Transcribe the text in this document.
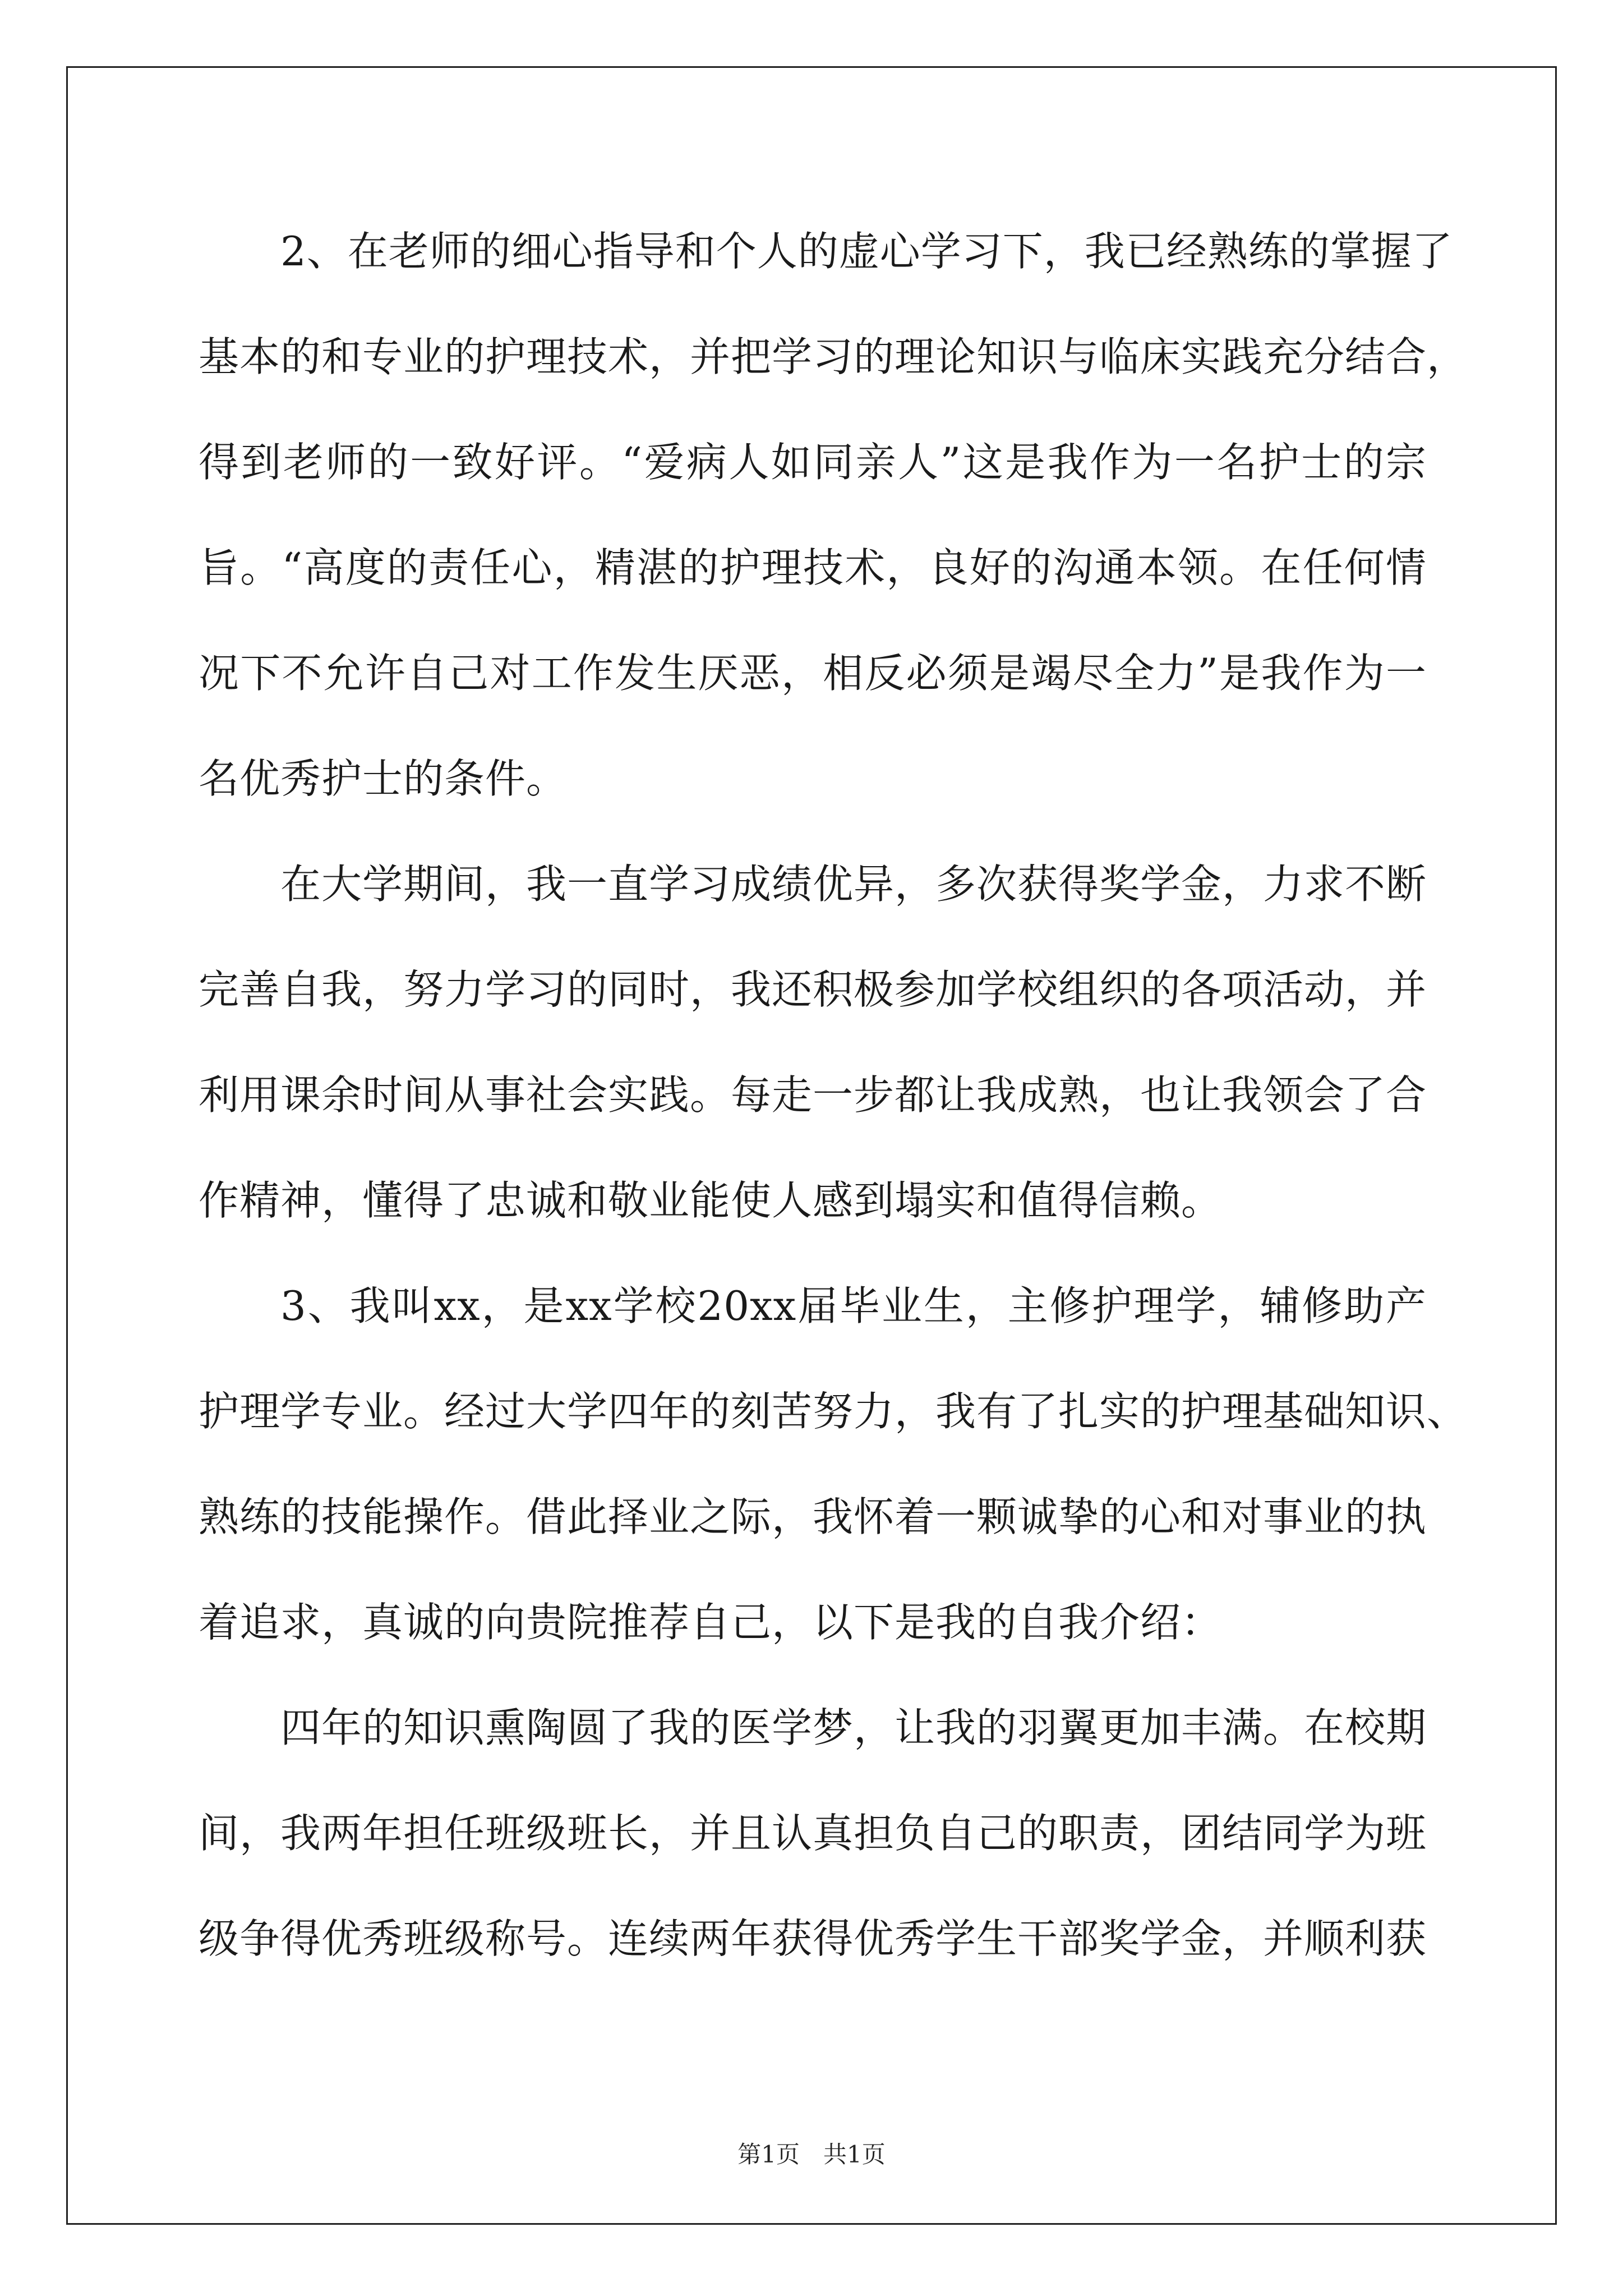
2、在老师的细心指导和个人的虚心学习下，我已经熟练的掌握了
基本的和专业的护理技术，并把学习的理论知识与临床实践充分结合，
得到老师的一致好评。“爱病人如同亲人”这是我作为一名护士的宗
旨。“高度的责任心，精湛的护理技术，良好的沟通本领。在任何情
况下不允许自己对工作发生厌恶，相反必须是竭尽全力”是我作为一
名优秀护士的条件。
在大学期间，我一直学习成绩优异，多次获得奖学金，力求不断
完善自我，努力学习的同时，我还积极参加学校组织的各项活动，并
利用课余时间从事社会实践。每走一步都让我成熟，也让我领会了合
作精神，懂得了忠诚和敬业能使人感到塌实和值得信赖。
3、我叫xx，是xx学校20xx届毕业生，主修护理学，辅修助产
护理学专业。经过大学四年的刻苦努力，我有了扎实的护理基础知识、
熟练的技能操作。借此择业之际，我怀着一颗诚挚的心和对事业的执
着追求，真诚的向贵院推荐自己，以下是我的自我介绍：
四年的知识熏陶圆了我的医学梦，让我的羽翼更加丰满。在校期
间，我两年担任班级班长，并且认真担负自己的职责，团结同学为班
级争得优秀班级称号。连续两年获得优秀学生干部奖学金，并顺利获
第1页　共1页
